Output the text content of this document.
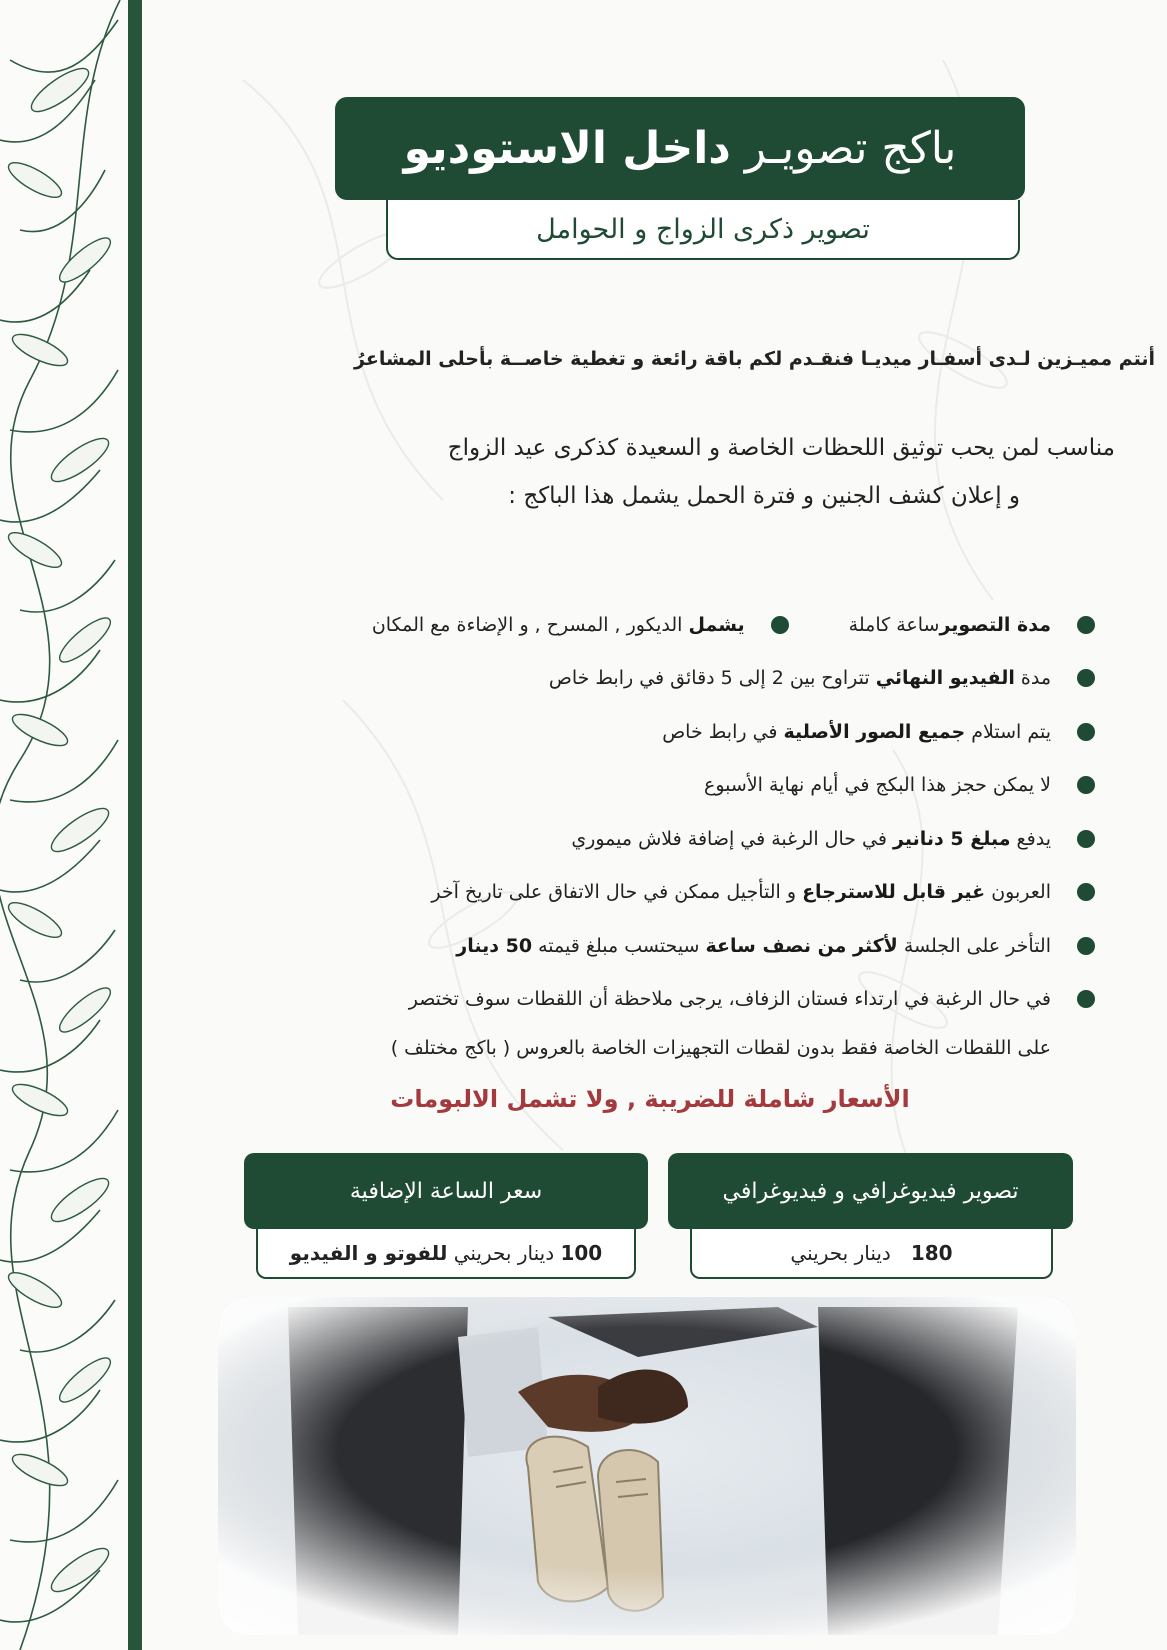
باكج تصويـر
داخل الاستوديو
تصوير ذكرى الزواج و الحوامل
أنتم مميـزين لـدى أسفـار ميديـا فنقـدم لكم باقة رائعة و تغطية خاصــة بأحلى المشاعرُ
مناسب لمن يحب توثيق اللحظات الخاصة و السعيدة كذكرى عيد الزواج
و إعلان كشف الجنين و فترة الحمل يشمل هذا الباكج :
مدة التصويرساعة كاملة
يشمل الديكور , المسرح , و الإضاءة مع المكان
مدة الفيديو النهائي تتراوح بين 2 إلى 5 دقائق في رابط خاص
يتم استلام جميع الصور الأصلية في رابط خاص
لا يمكن حجز هذا البكج في أيام نهاية الأسبوع
يدفع مبلغ 5 دنانير في حال الرغبة في إضافة فلاش ميموري
العربون غير قابل للاسترجاع و التأجيل ممكن في حال الاتفاق على تاريخ آخر
التأخر على الجلسة لأكثر من نصف ساعة سيحتسب مبلغ قيمته 50 دينار
في حال الرغبة في ارتداء فستان الزفاف، يرجى ملاحظة أن اللقطات سوف تختصر
على اللقطات الخاصة فقط بدون لقطات التجهيزات الخاصة بالعروس ( باكج مختلف )
الأسعار شاملة للضريبة , ولا تشمل الالبومات
تصوير فيديوغرافي و فيديوغرافي
180
دينار بحريني
سعر الساعة الإضافية
100

دينار بحريني

للفوتو و الفيديو
